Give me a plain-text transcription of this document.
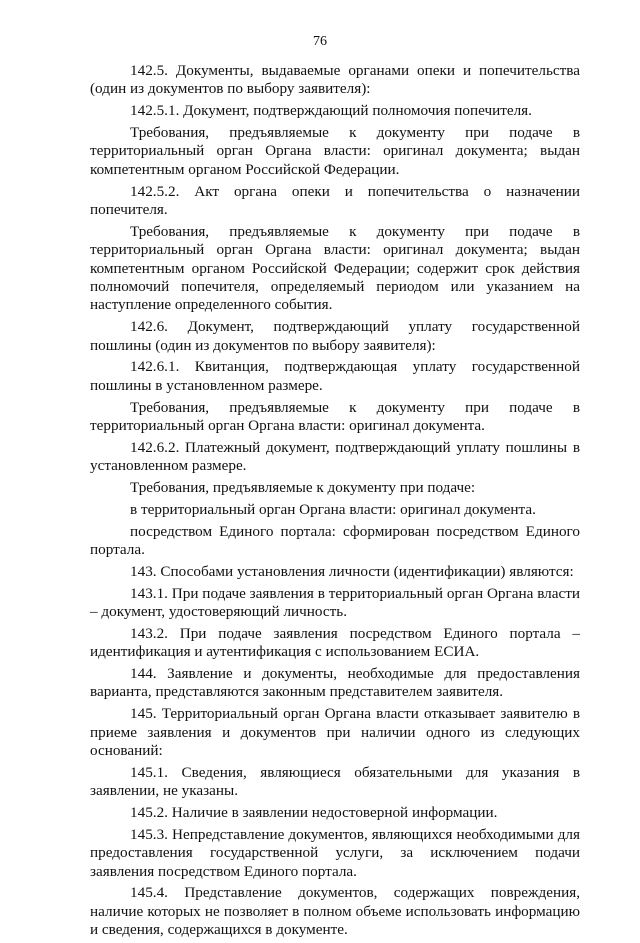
76

142.5. Документы, выдаваемые органами опеки и попечительства (один из документов по выбору заявителя):

142.5.1. Документ, подтверждающий полномочия попечителя.

Требования, предъявляемые к документу при подаче в территориальный орган Органа власти: оригинал документа; выдан компетентным органом Российской Федерации.

142.5.2. Акт органа опеки и попечительства о назначении попечителя.

Требования, предъявляемые к документу при подаче в территориальный орган Органа власти: оригинал документа; выдан компетентным органом Российской Федерации; содержит срок действия полномочий попечителя, определяемый периодом или указанием на наступление определенного события.

142.6. Документ, подтверждающий уплату государственной пошлины (один из документов по выбору заявителя):

142.6.1. Квитанция, подтверждающая уплату государственной пошлины в установленном размере.

Требования, предъявляемые к документу при подаче в территориальный орган Органа власти: оригинал документа.

142.6.2. Платежный документ, подтверждающий уплату пошлины в установленном размере.

Требования, предъявляемые к документу при подаче:

в территориальный орган Органа власти: оригинал документа.

посредством Единого портала: сформирован посредством Единого портала.

143. Способами установления личности (идентификации) являются:

143.1. При подаче заявления в территориальный орган Органа власти – документ, удостоверяющий личность.

143.2. При подаче заявления посредством Единого портала – идентификация и аутентификация с использованием ЕСИА.

144. Заявление и документы, необходимые для предоставления варианта, представляются законным представителем заявителя.

145. Территориальный орган Органа власти отказывает заявителю в приеме заявления и документов при наличии одного из следующих оснований:

145.1. Сведения, являющиеся обязательными для указания в заявлении, не указаны.

145.2. Наличие в заявлении недостоверной информации.

145.3. Непредставление документов, являющихся необходимыми для предоставления государственной услуги, за исключением подачи заявления посредством Единого портала.

145.4. Представление документов, содержащих повреждения, наличие которых не позволяет в полном объеме использовать информацию и сведения, содержащихся в документе.
